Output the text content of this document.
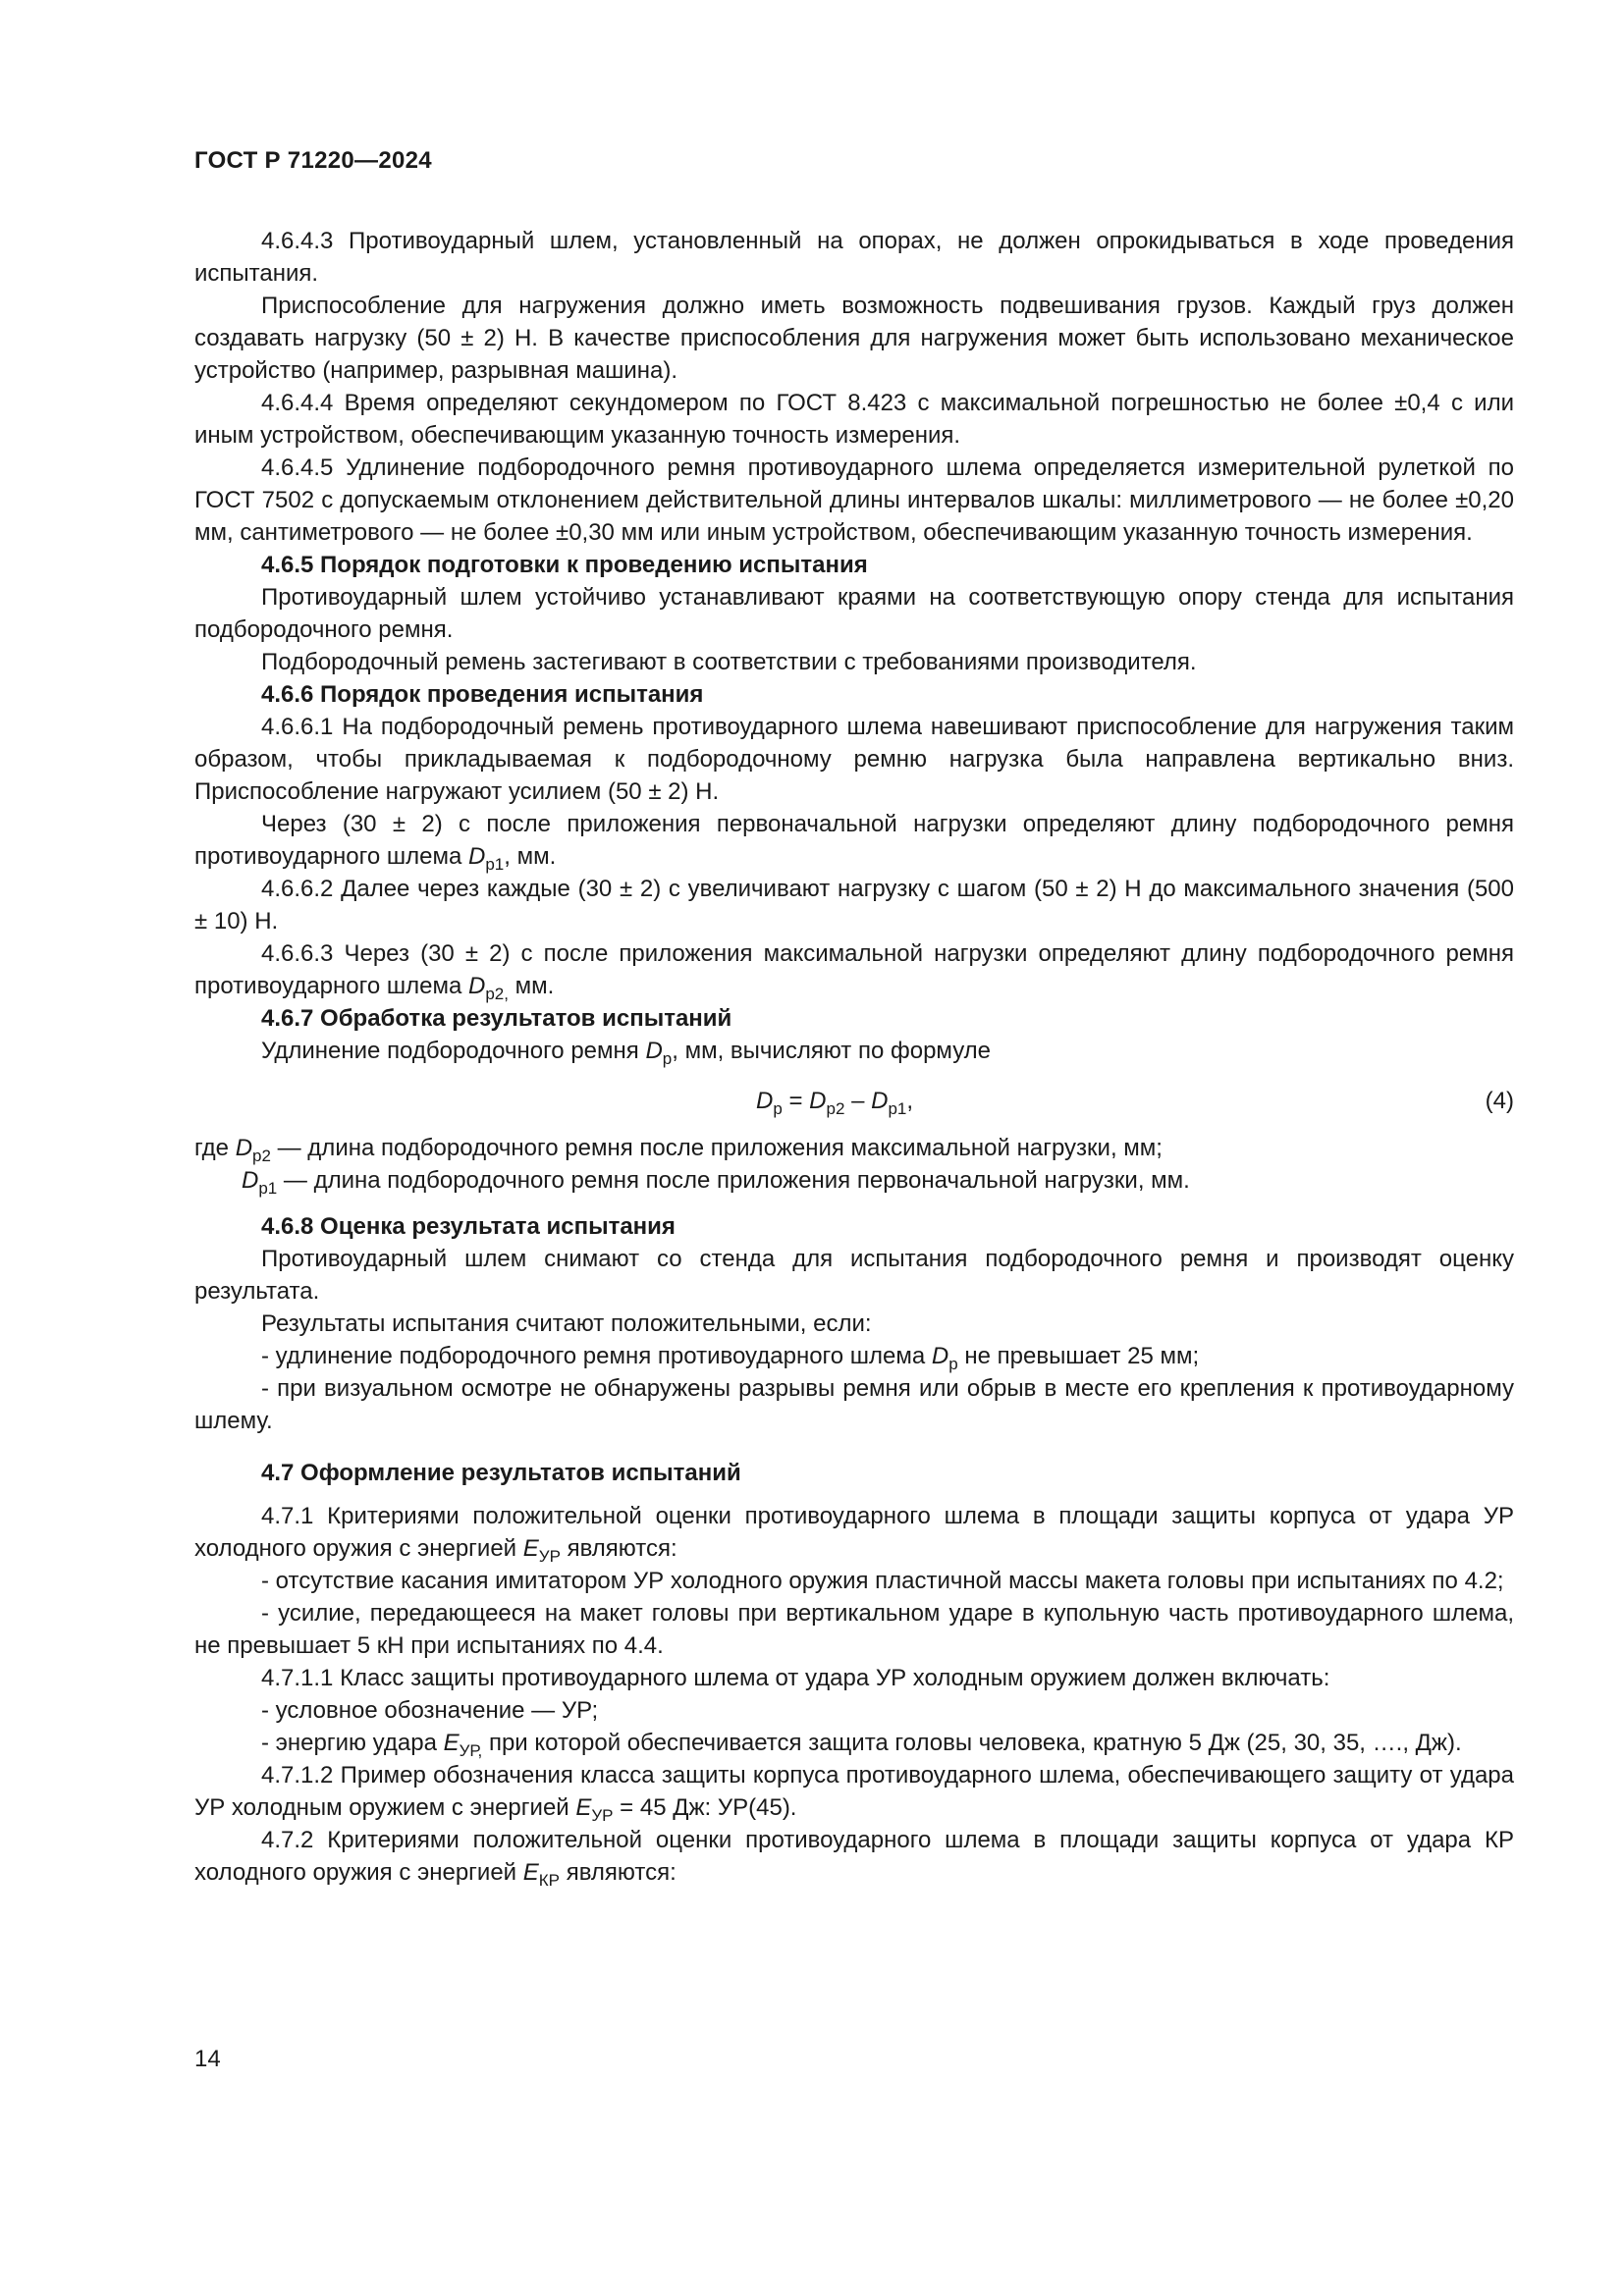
ГОСТ Р 71220—2024

4.6.4.3 Противоударный шлем, установленный на опорах, не должен опрокидываться в ходе проведения испытания.

Приспособление для нагружения должно иметь возможность подвешивания грузов. Каждый груз должен создавать нагрузку (50 ± 2) Н. В качестве приспособления для нагружения может быть использовано механическое устройство (например, разрывная машина).

4.6.4.4 Время определяют секундомером по ГОСТ 8.423 с максимальной погрешностью не более ±0,4 с или иным устройством, обеспечивающим указанную точность измерения.

4.6.4.5 Удлинение подбородочного ремня противоударного шлема определяется измерительной рулеткой по ГОСТ 7502 с допускаемым отклонением действительной длины интервалов шкалы: миллиметрового — не более ±0,20 мм, сантиметрового — не более ±0,30 мм или иным устройством, обеспечивающим указанную точность измерения.

4.6.5 Порядок подготовки к проведению испытания

Противоударный шлем устойчиво устанавливают краями на соответствующую опору стенда для испытания подбородочного ремня.

Подбородочный ремень застегивают в соответствии с требованиями производителя.

4.6.6 Порядок проведения испытания

4.6.6.1 На подбородочный ремень противоударного шлема навешивают приспособление для нагружения таким образом, чтобы прикладываемая к подбородочному ремню нагрузка была направлена вертикально вниз. Приспособление нагружают усилием (50 ± 2) Н.

Через (30 ± 2) с после приложения первоначальной нагрузки определяют длину подбородочного ремня противоударного шлема $D_{р1}$, мм.

4.6.6.2 Далее через каждые (30 ± 2) с увеличивают нагрузку с шагом (50 ± 2) Н до максимального значения (500 ± 10) Н.

4.6.6.3 Через (30 ± 2) с после приложения максимальной нагрузки определяют длину подбородочного ремня противоударного шлема $D_{р2,}$ мм.

4.6.7 Обработка результатов испытаний

Удлинение подбородочного ремня $D_р$, мм, вычисляют по формуле

$D_р = D_{р2} - D_{р1}$,	(4)

где $D_{р2}$ — длина подбородочного ремня после приложения максимальной нагрузки, мм;

$D_{р1}$ — длина подбородочного ремня после приложения первоначальной нагрузки, мм.

4.6.8 Оценка результата испытания

Противоударный шлем снимают со стенда для испытания подбородочного ремня и производят оценку результата.

Результаты испытания считают положительными, если:

- удлинение подбородочного ремня противоударного шлема $D_р$ не превышает 25 мм;

- при визуальном осмотре не обнаружены разрывы ремня или обрыв в месте его крепления к противоударному шлему.

4.7 Оформление результатов испытаний

4.7.1 Критериями положительной оценки противоударного шлема в площади защиты корпуса от удара УР холодного оружия с энергией $E_{УР}$ являются:

- отсутствие касания имитатором УР холодного оружия пластичной массы макета головы при испытаниях по 4.2;

- усилие, передающееся на макет головы при вертикальном ударе в купольную часть противоударного шлема, не превышает 5 кН при испытаниях по 4.4.

4.7.1.1 Класс защиты противоударного шлема от удара УР холодным оружием должен включать:

- условное обозначение — УР;

- энергию удара $E_{УР,}$ при которой обеспечивается защита головы человека, кратную 5 Дж (25, 30, 35, …., Дж).

4.7.1.2 Пример обозначения класса защиты корпуса противоударного шлема, обеспечивающего защиту от удара УР холодным оружием с энергией $E_{УР} = 45$ Дж: УР(45).

4.7.2 Критериями положительной оценки противоударного шлема в площади защиты корпуса от удара КР холодного оружия с энергией $E_{КР}$ являются:

14
